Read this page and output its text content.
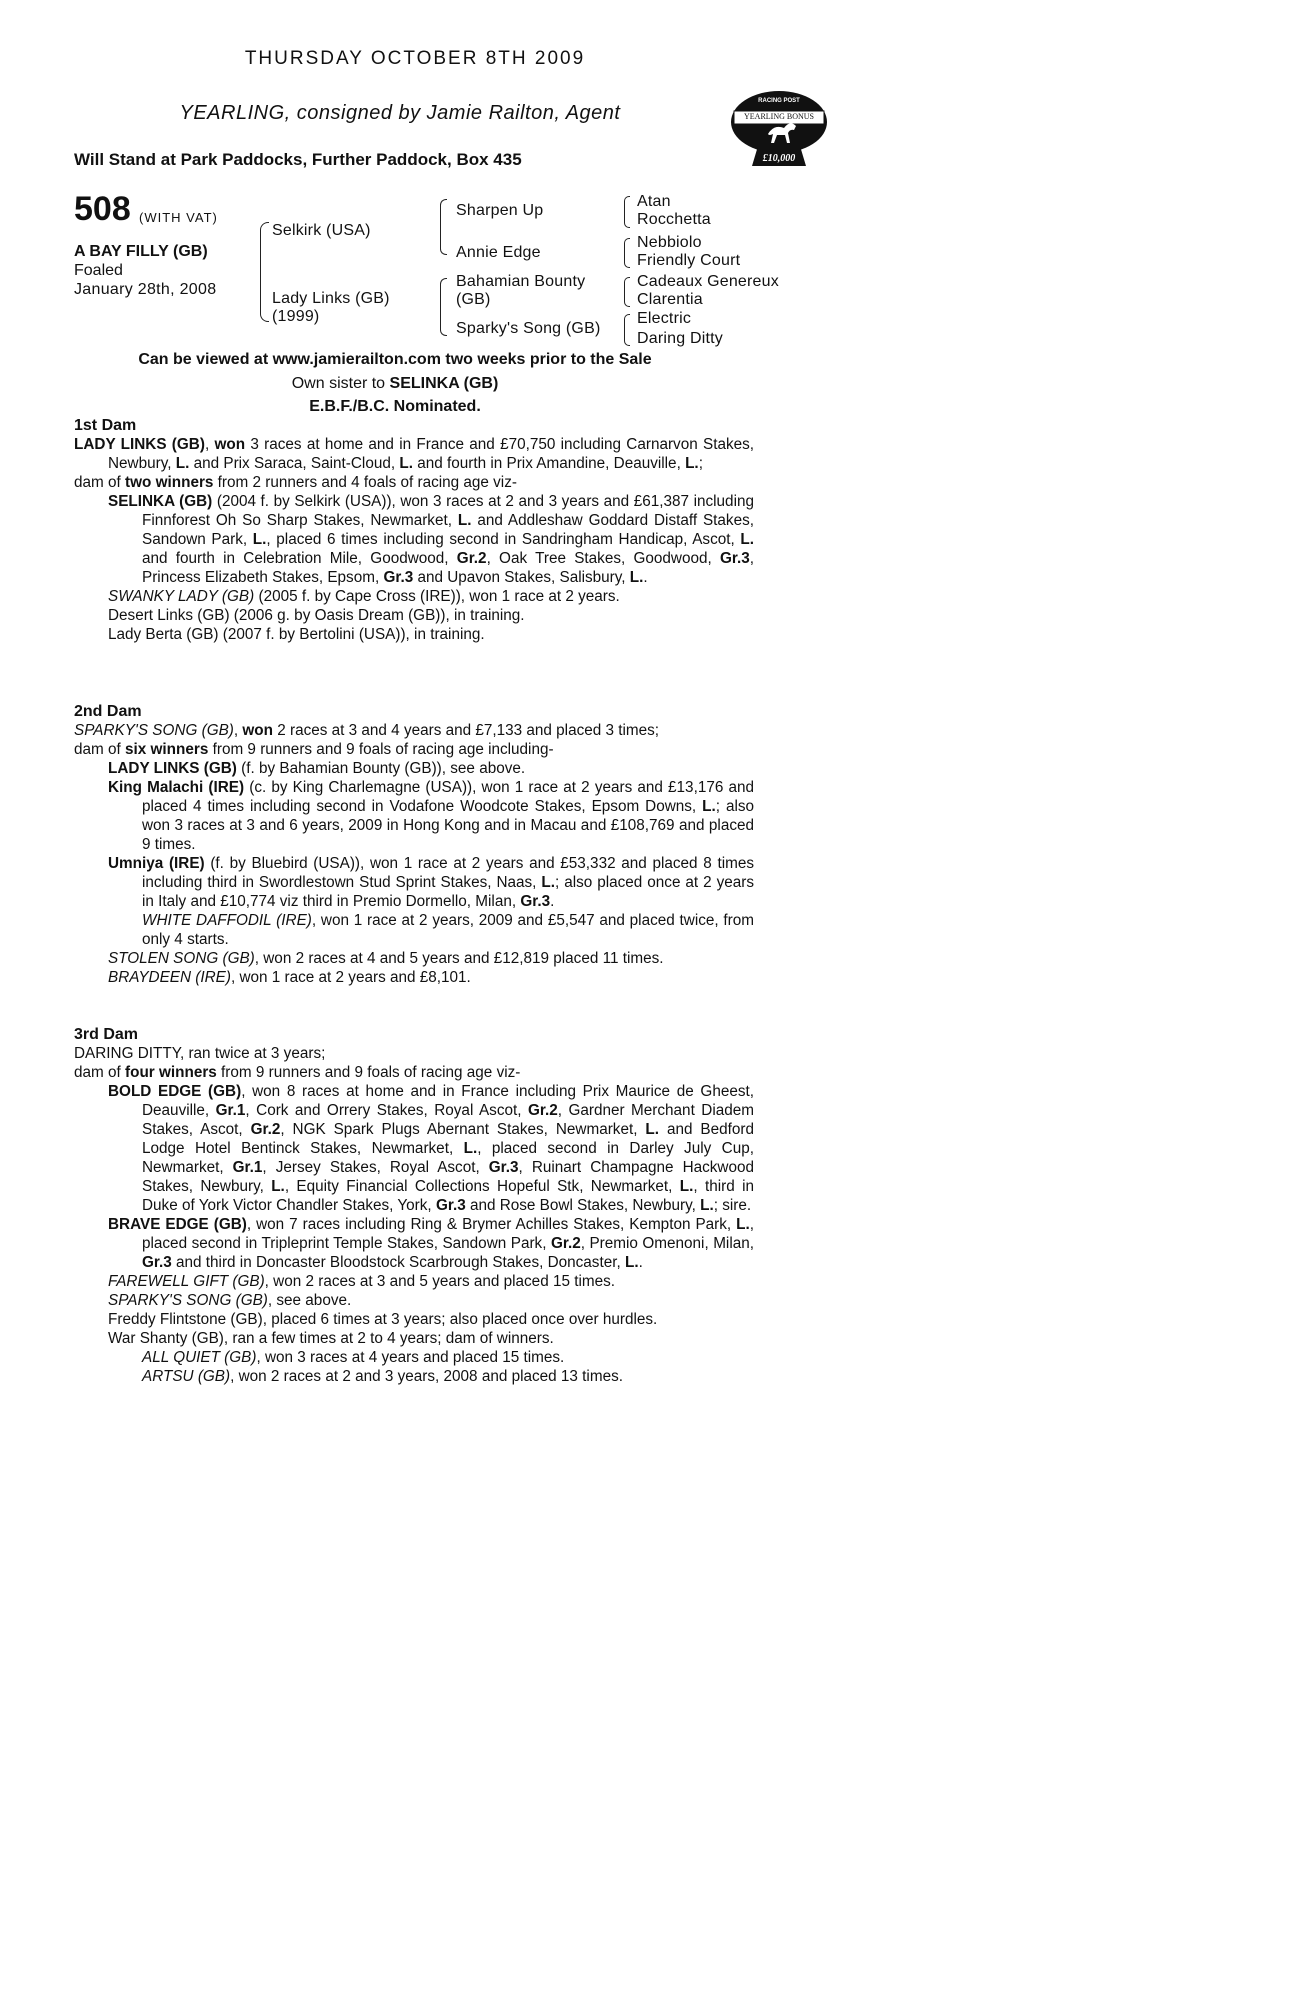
THURSDAY OCTOBER 8TH 2009
YEARLING, consigned by Jamie Railton, Agent
Will Stand at Park Paddocks, Further Paddock, Box 435
RACING POST
YEARLING BONUS
£10,000
508 (WITH VAT)
A BAY FILLY (GB)
Foaled
January 28th, 2008
Selkirk (USA)
Lady Links (GB)
(1999)
Sharpen Up
Annie Edge
Bahamian Bounty
(GB)
Sparky's Song (GB)
Atan
Rocchetta
Nebbiolo
Friendly Court
Cadeaux Genereux
Clarentia
Electric
Daring Ditty
Can be viewed at www.jamierailton.com two weeks prior to the Sale
Own sister to SELINKA (GB)
E.B.F./B.C. Nominated.

1st Dam

LADY LINKS (GB), won 3 races at home and in France and £70,750 including Carnarvon Stakes, Newbury, L. and Prix Saraca, Saint-Cloud, L. and fourth in Prix Amandine, Deauville, L.;

dam of two winners from 2 runners and 4 foals of racing age viz-

SELINKA (GB) (2004 f. by Selkirk (USA)), won 3 races at 2 and 3 years and £61,387 including Finnforest Oh So Sharp Stakes, Newmarket, L. and Addleshaw Goddard Distaff Stakes, Sandown Park, L., placed 6 times including second in Sandringham Handicap, Ascot, L. and fourth in Celebration Mile, Goodwood, Gr.2, Oak Tree Stakes, Goodwood, Gr.3, Princess Elizabeth Stakes, Epsom, Gr.3 and Upavon Stakes, Salisbury, L..

SWANKY LADY (GB) (2005 f. by Cape Cross (IRE)), won 1 race at 2 years.

Desert Links (GB) (2006 g. by Oasis Dream (GB)), in training.

Lady Berta (GB) (2007 f. by Bertolini (USA)), in training.

2nd Dam

SPARKY'S SONG (GB), won 2 races at 3 and 4 years and £7,133 and placed 3 times;

dam of six winners from 9 runners and 9 foals of racing age including-

LADY LINKS (GB) (f. by Bahamian Bounty (GB)), see above.

King Malachi (IRE) (c. by King Charlemagne (USA)), won 1 race at 2 years and £13,176 and placed 4 times including second in Vodafone Woodcote Stakes, Epsom Downs, L.; also won 3 races at 3 and 6 years, 2009 in Hong Kong and in Macau and £108,769 and placed 9 times.

Umniya (IRE) (f. by Bluebird (USA)), won 1 race at 2 years and £53,332 and placed 8 times including third in Swordlestown Stud Sprint Stakes, Naas, L.; also placed once at 2 years in Italy and £10,774 viz third in Premio Dormello, Milan, Gr.3.

WHITE DAFFODIL (IRE), won 1 race at 2 years, 2009 and £5,547 and placed twice, from only 4 starts.

STOLEN SONG (GB), won 2 races at 4 and 5 years and £12,819 placed 11 times.

BRAYDEEN (IRE), won 1 race at 2 years and £8,101.

3rd Dam

DARING DITTY, ran twice at 3 years;

dam of four winners from 9 runners and 9 foals of racing age viz-

BOLD EDGE (GB), won 8 races at home and in France including Prix Maurice de Gheest, Deauville, Gr.1, Cork and Orrery Stakes, Royal Ascot, Gr.2, Gardner Merchant Diadem Stakes, Ascot, Gr.2, NGK Spark Plugs Abernant Stakes, Newmarket, L. and Bedford Lodge Hotel Bentinck Stakes, Newmarket, L., placed second in Darley July Cup, Newmarket, Gr.1, Jersey Stakes, Royal Ascot, Gr.3, Ruinart Champagne Hackwood Stakes, Newbury, L., Equity Financial Collections Hopeful Stk, Newmarket, L., third in Duke of York Victor Chandler Stakes, York, Gr.3 and Rose Bowl Stakes, Newbury, L.; sire.

BRAVE EDGE (GB), won 7 races including Ring & Brymer Achilles Stakes, Kempton Park, L., placed second in Tripleprint Temple Stakes, Sandown Park, Gr.2, Premio Omenoni, Milan, Gr.3 and third in Doncaster Bloodstock Scarbrough Stakes, Doncaster, L..

FAREWELL GIFT (GB), won 2 races at 3 and 5 years and placed 15 times.

SPARKY'S SONG (GB), see above.

Freddy Flintstone (GB), placed 6 times at 3 years; also placed once over hurdles.

War Shanty (GB), ran a few times at 2 to 4 years; dam of winners.

ALL QUIET (GB), won 3 races at 4 years and placed 15 times.

ARTSU (GB), won 2 races at 2 and 3 years, 2008 and placed 13 times.
